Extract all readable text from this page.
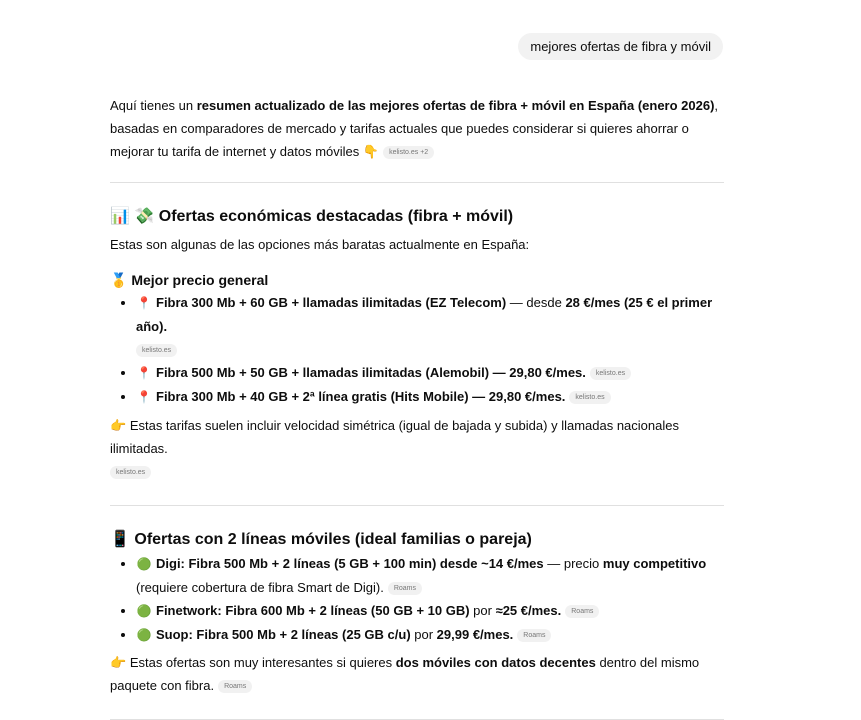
mejores ofertas de fibra y móvil

Aquí tienes un resumen actualizado de las mejores ofertas de fibra + móvil en España (enero 2026), basadas en comparadores de mercado y tarifas actuales que puedes considerar si quieres ahorrar o mejorar tu tarifa de internet y datos móviles 👇 kelisto.es +2

📊 💸 Ofertas económicas destacadas (fibra + móvil)

Estas son algunas de las opciones más baratas actualmente en España:

🥇 Mejor precio general
• 📍 Fibra 300 Mb + 60 GB + llamadas ilimitadas (EZ Telecom) — desde 28 €/mes (25 € el primer año).
kelisto.es
• 📍 Fibra 500 Mb + 50 GB + llamadas ilimitadas (Alemobil) — 29,80 €/mes. kelisto.es
• 📍 Fibra 300 Mb + 40 GB + 2ª línea gratis (Hits Mobile) — 29,80 €/mes. kelisto.es

👉 Estas tarifas suelen incluir velocidad simétrica (igual de bajada y subida) y llamadas nacionales ilimitadas.
kelisto.es

📱 Ofertas con 2 líneas móviles (ideal familias o pareja)
• 🟢 Digi: Fibra 500 Mb + 2 líneas (5 GB + 100 min) desde ~14 €/mes — precio muy competitivo (requiere cobertura de fibra Smart de Digi). Roams
• 🟢 Finetwork: Fibra 600 Mb + 2 líneas (50 GB + 10 GB) por ≈25 €/mes. Roams
• 🟢 Suop: Fibra 500 Mb + 2 líneas (25 GB c/u) por 29,99 €/mes. Roams

👉 Estas ofertas son muy interesantes si quieres dos móviles con datos decentes dentro del mismo paquete con fibra. Roams
